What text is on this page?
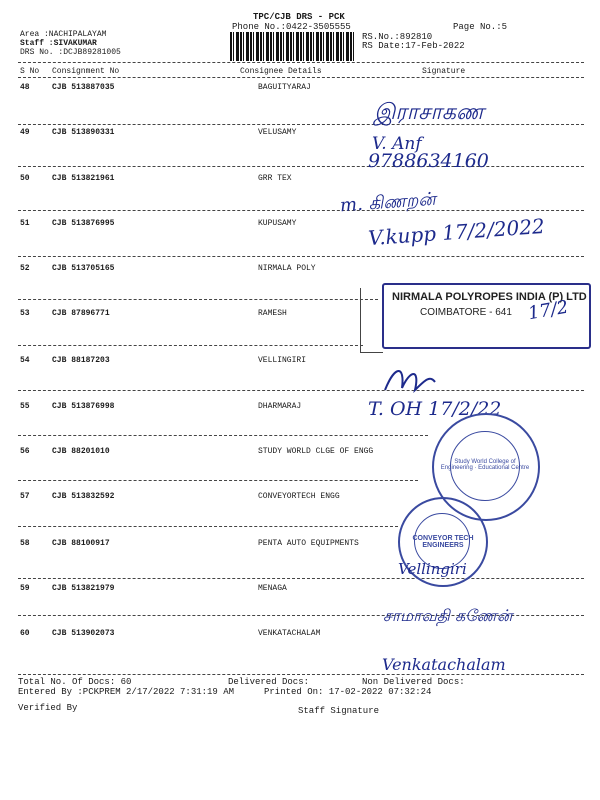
TPC/CJB DRS - PCK
Phone No.:0422-3505555	Page No.:5
Area :NACHIPALAYAM
Staff :SIVAKUMAR
DRS No. :DCJB89281005
RS.No.:892810
RS Date:17-Feb-2022
S No Consignment No	Consignee Details	Signature
48	CJB 513887035	BAGUITYARAJ
49	CJB 513890331	VELUSAMY
50	CJB 513821961	GRR TEX
51	CJB 513876995	KUPUSAMY
52	CJB 513705165	NIRMALA POLY
53	CJB 87896771	RAMESH
54	CJB 88187203	VELLINGIRI
55	CJB 513876998	DHARMARAJ
56	CJB 88201010	STUDY WORLD CLGE OF ENGG
57	CJB 513832592	CONVEYORTECH ENGG
58	CJB 88100917	PENTA AUTO EQUIPMENTS
59	CJB 513821979	MENAGA
60	CJB 513902073	VENKATACHALAM
இராசாகண
V. Anf
9788634160
m. கிணறன்
V.kupp 17/2/2022
NIRMALA POLYROPES INDIA (P) LTD
COIMBATORE - 641 17/2
T. OH 17/2/22
Study World College of Engineering · Educational Centre
CONVEYOR TECH ENGINEERS
Vellingiri
சாமாவதி கணேன்
Venkatachalam
Total No. Of Docs: 60	Delivered Docs:	Non Delivered Docs:
Entered By :PCKPREM 2/17/2022 7:31:19 AM	Printed On: 17-02-2022 07:32:24
Verified By	Staff Signature
